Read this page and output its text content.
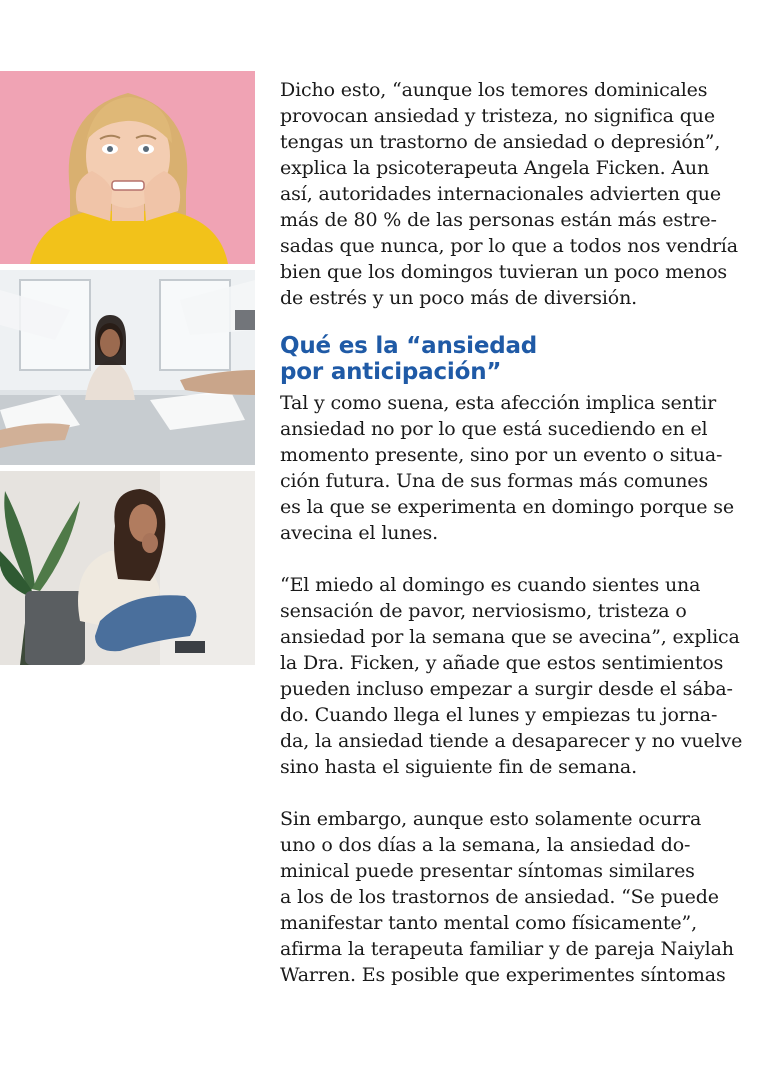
Dicho esto, “aunque los temores dominicales
provocan ansiedad y tristeza, no significa que
tengas un trastorno de ansiedad o depresión”,
explica la psicoterapeuta Angela Ficken. Aun
así, autoridades internacionales advierten que
más de 80 % de las personas están más estre-
sadas que nunca, por lo que a todos nos vendría
bien que los domingos tuvieran un poco menos
de estrés y un poco más de diversión.

Qué es la “ansiedad
por anticipación”

Tal y como suena, esta afección implica sentir
ansiedad no por lo que está sucediendo en el
momento presente, sino por un evento o situa-
ción futura. Una de sus formas más comunes
es la que se experimenta en domingo porque se
avecina el lunes.

“El miedo al domingo es cuando sientes una
sensación de pavor, nerviosismo, tristeza o
ansiedad por la semana que se avecina”, explica
la Dra. Ficken, y añade que estos sentimientos
pueden incluso empezar a surgir desde el sába-
do. Cuando llega el lunes y empiezas tu jorna-
da, la ansiedad tiende a desaparecer y no vuelve
sino hasta el siguiente fin de semana.

Sin embargo, aunque esto solamente ocurra
uno o dos días a la semana, la ansiedad do-
minical puede presentar síntomas similares
a los de los trastornos de ansiedad. “Se puede
manifestar tanto mental como físicamente”,
afirma la terapeuta familiar y de pareja Naiylah
Warren. Es posible que experimentes síntomas
